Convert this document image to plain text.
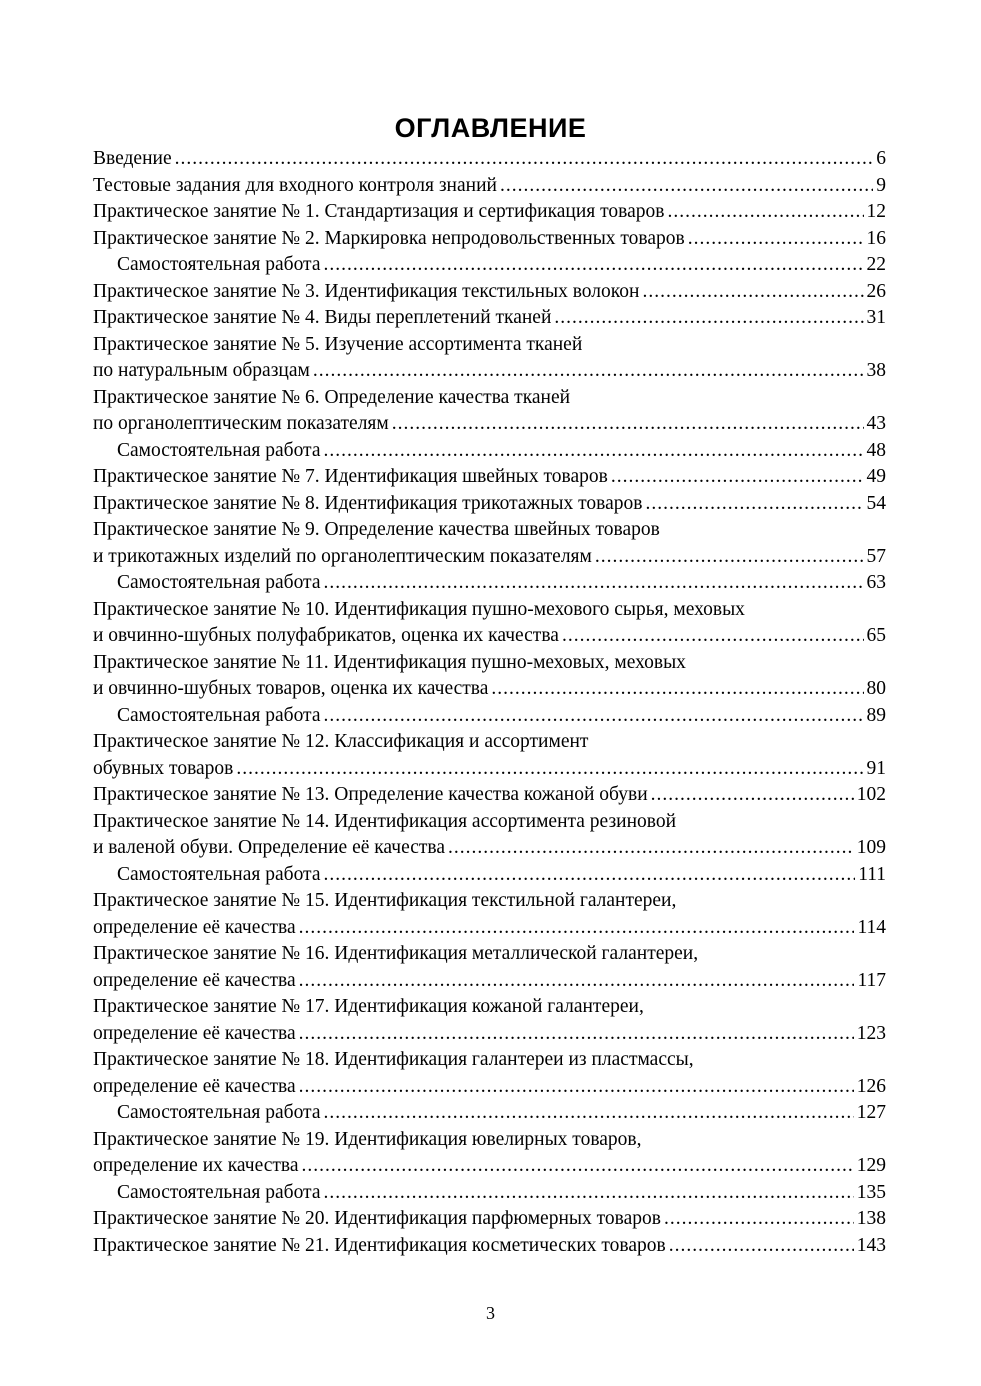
ОГЛАВЛЕНИЕ
Введение .....	6
Тестовые задания для входного контроля знаний .....	9
Практическое занятие № 1. Стандартизация и сертификация товаров .....	12
Практическое занятие № 2. Маркировка непродовольственных товаров .....	16
Самостоятельная работа .....	22
Практическое занятие № 3. Идентификация текстильных волокон .....	26
Практическое занятие № 4. Виды переплетений тканей .....	31
Практическое занятие № 5. Изучение ассортимента тканей
по натуральным образцам .....	38
Практическое занятие № 6. Определение качества тканей
по органолептическим показателям .....	43
Самостоятельная работа .....	48
Практическое занятие № 7. Идентификация швейных товаров .....	49
Практическое занятие № 8. Идентификация трикотажных товаров .....	54
Практическое занятие № 9. Определение качества швейных товаров
и трикотажных изделий по органолептическим показателям .....	57
Самостоятельная работа .....	63
Практическое занятие № 10. Идентификация пушно-мехового сырья, меховых
и овчинно-шубных полуфабрикатов, оценка их качества .....	65
Практическое занятие № 11. Идентификация пушно-меховых, меховых
и овчинно-шубных товаров, оценка их качества .....	80
Самостоятельная работа .....	89
Практическое занятие № 12. Классификация и ассортимент
обувных товаров .....	91
Практическое занятие № 13. Определение качества кожаной обуви .....	102
Практическое занятие № 14. Идентификация ассортимента резиновой
и валеной обуви. Определение её качества .....	109
Самостоятельная работа .....	111
Практическое занятие № 15. Идентификация текстильной галантереи,
определение её качества .....	114
Практическое занятие № 16. Идентификация металлической галантереи,
определение её качества .....	117
Практическое занятие № 17. Идентификация кожаной галантереи,
определение её качества .....	123
Практическое занятие № 18. Идентификация галантереи из пластмассы,
определение её качества .....	126
Самостоятельная работа .....	127
Практическое занятие № 19. Идентификация ювелирных товаров,
определение их качества .....	129
Самостоятельная работа .....	135
Практическое занятие № 20. Идентификация парфюмерных товаров .....	138
Практическое занятие № 21. Идентификация косметических товаров .....	143
3
